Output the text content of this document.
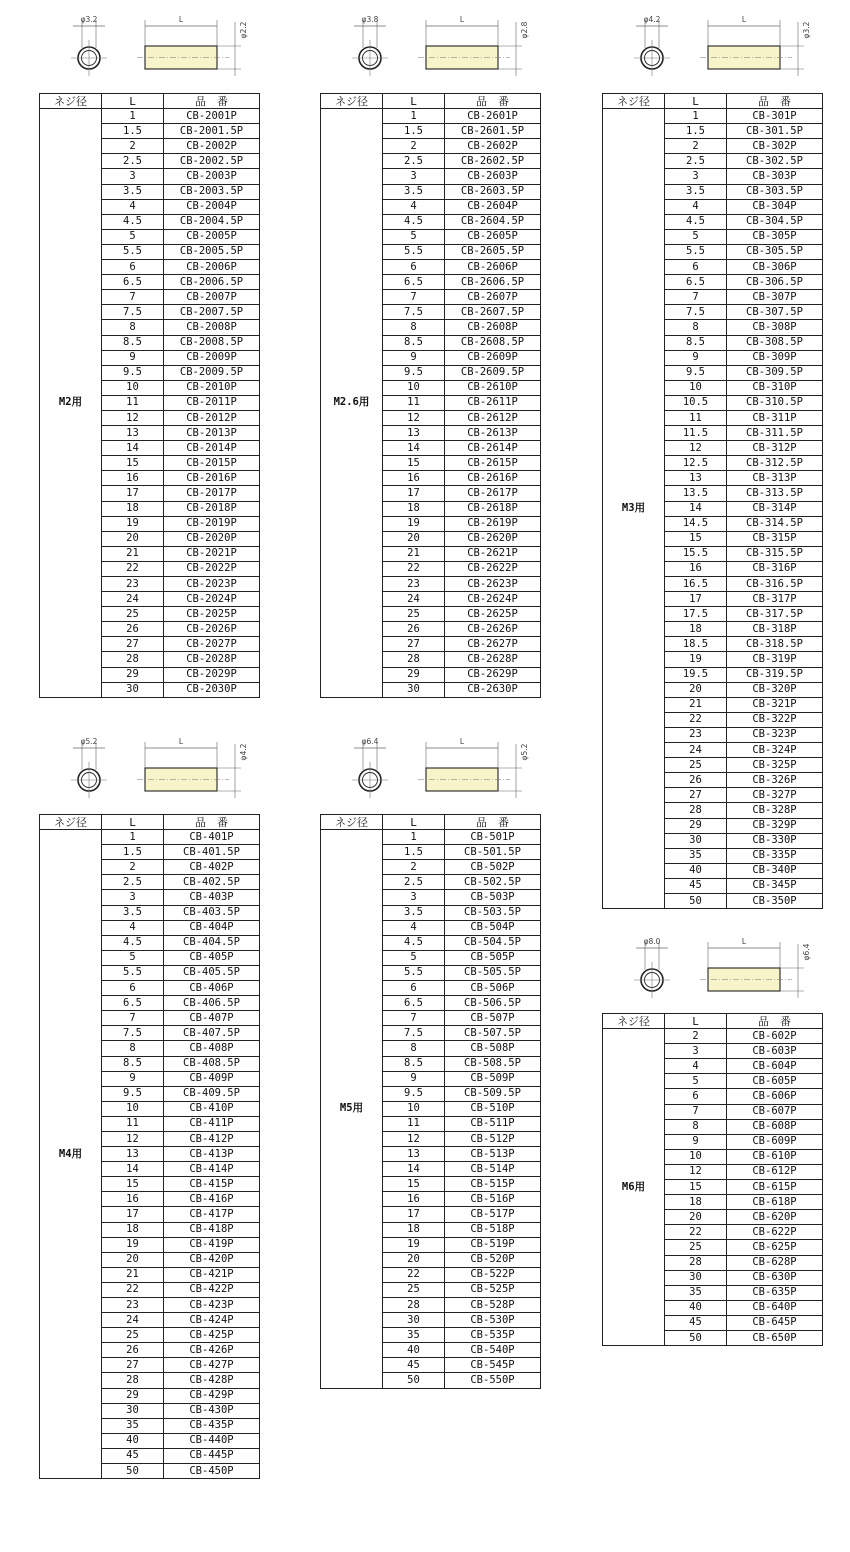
φ3.2	L
φ2.2
ネジ径	L	品　番
M2用	1	CB-2001P
	1.5	CB-2001.5P
	2	CB-2002P
	2.5	CB-2002.5P
	3	CB-2003P
	3.5	CB-2003.5P
	4	CB-2004P
	4.5	CB-2004.5P
	5	CB-2005P
	5.5	CB-2005.5P
	6	CB-2006P
	6.5	CB-2006.5P
	7	CB-2007P
	7.5	CB-2007.5P
	8	CB-2008P
	8.5	CB-2008.5P
	9	CB-2009P
	9.5	CB-2009.5P
	10	CB-2010P
	11	CB-2011P
	12	CB-2012P
	13	CB-2013P
	14	CB-2014P
	15	CB-2015P
	16	CB-2016P
	17	CB-2017P
	18	CB-2018P
	19	CB-2019P
	20	CB-2020P
	21	CB-2021P
	22	CB-2022P
	23	CB-2023P
	24	CB-2024P
	25	CB-2025P
	26	CB-2026P
	27	CB-2027P
	28	CB-2028P
	29	CB-2029P
	30	CB-2030P
φ3.8	L
φ2.8
ネジ径	L	品　番
M2.6用	1	CB-2601P
	1.5	CB-2601.5P
	2	CB-2602P
	2.5	CB-2602.5P
	3	CB-2603P
	3.5	CB-2603.5P
	4	CB-2604P
	4.5	CB-2604.5P
	5	CB-2605P
	5.5	CB-2605.5P
	6	CB-2606P
	6.5	CB-2606.5P
	7	CB-2607P
	7.5	CB-2607.5P
	8	CB-2608P
	8.5	CB-2608.5P
	9	CB-2609P
	9.5	CB-2609.5P
	10	CB-2610P
	11	CB-2611P
	12	CB-2612P
	13	CB-2613P
	14	CB-2614P
	15	CB-2615P
	16	CB-2616P
	17	CB-2617P
	18	CB-2618P
	19	CB-2619P
	20	CB-2620P
	21	CB-2621P
	22	CB-2622P
	23	CB-2623P
	24	CB-2624P
	25	CB-2625P
	26	CB-2626P
	27	CB-2627P
	28	CB-2628P
	29	CB-2629P
	30	CB-2630P
φ4.2	L
φ3.2
ネジ径	L	品　番
M3用	1	CB-301P
	1.5	CB-301.5P
	2	CB-302P
	2.5	CB-302.5P
	3	CB-303P
	3.5	CB-303.5P
	4	CB-304P
	4.5	CB-304.5P
	5	CB-305P
	5.5	CB-305.5P
	6	CB-306P
	6.5	CB-306.5P
	7	CB-307P
	7.5	CB-307.5P
	8	CB-308P
	8.5	CB-308.5P
	9	CB-309P
	9.5	CB-309.5P
	10	CB-310P
	10.5	CB-310.5P
	11	CB-311P
	11.5	CB-311.5P
	12	CB-312P
	12.5	CB-312.5P
	13	CB-313P
	13.5	CB-313.5P
	14	CB-314P
	14.5	CB-314.5P
	15	CB-315P
	15.5	CB-315.5P
	16	CB-316P
	16.5	CB-316.5P
	17	CB-317P
	17.5	CB-317.5P
	18	CB-318P
	18.5	CB-318.5P
	19	CB-319P
	19.5	CB-319.5P
	20	CB-320P
	21	CB-321P
	22	CB-322P
	23	CB-323P
	24	CB-324P
	25	CB-325P
	26	CB-326P
	27	CB-327P
	28	CB-328P
	29	CB-329P
	30	CB-330P
	35	CB-335P
	40	CB-340P
	45	CB-345P
	50	CB-350P
φ5.2	L
φ4.2
ネジ径	L	品　番
M4用	1	CB-401P
	1.5	CB-401.5P
	2	CB-402P
	2.5	CB-402.5P
	3	CB-403P
	3.5	CB-403.5P
	4	CB-404P
	4.5	CB-404.5P
	5	CB-405P
	5.5	CB-405.5P
	6	CB-406P
	6.5	CB-406.5P
	7	CB-407P
	7.5	CB-407.5P
	8	CB-408P
	8.5	CB-408.5P
	9	CB-409P
	9.5	CB-409.5P
	10	CB-410P
	11	CB-411P
	12	CB-412P
	13	CB-413P
	14	CB-414P
	15	CB-415P
	16	CB-416P
	17	CB-417P
	18	CB-418P
	19	CB-419P
	20	CB-420P
	21	CB-421P
	22	CB-422P
	23	CB-423P
	24	CB-424P
	25	CB-425P
	26	CB-426P
	27	CB-427P
	28	CB-428P
	29	CB-429P
	30	CB-430P
	35	CB-435P
	40	CB-440P
	45	CB-445P
	50	CB-450P
φ6.4	L
φ5.2
ネジ径	L	品　番
M5用	1	CB-501P
	1.5	CB-501.5P
	2	CB-502P
	2.5	CB-502.5P
	3	CB-503P
	3.5	CB-503.5P
	4	CB-504P
	4.5	CB-504.5P
	5	CB-505P
	5.5	CB-505.5P
	6	CB-506P
	6.5	CB-506.5P
	7	CB-507P
	7.5	CB-507.5P
	8	CB-508P
	8.5	CB-508.5P
	9	CB-509P
	9.5	CB-509.5P
	10	CB-510P
	11	CB-511P
	12	CB-512P
	13	CB-513P
	14	CB-514P
	15	CB-515P
	16	CB-516P
	17	CB-517P
	18	CB-518P
	19	CB-519P
	20	CB-520P
	22	CB-522P
	25	CB-525P
	28	CB-528P
	30	CB-530P
	35	CB-535P
	40	CB-540P
	45	CB-545P
	50	CB-550P
φ8.0	L
φ6.4
ネジ径	L	品　番
M6用	2	CB-602P
	3	CB-603P
	4	CB-604P
	5	CB-605P
	6	CB-606P
	7	CB-607P
	8	CB-608P
	9	CB-609P
	10	CB-610P
	12	CB-612P
	15	CB-615P
	18	CB-618P
	20	CB-620P
	22	CB-622P
	25	CB-625P
	28	CB-628P
	30	CB-630P
	35	CB-635P
	40	CB-640P
	45	CB-645P
	50	CB-650P
